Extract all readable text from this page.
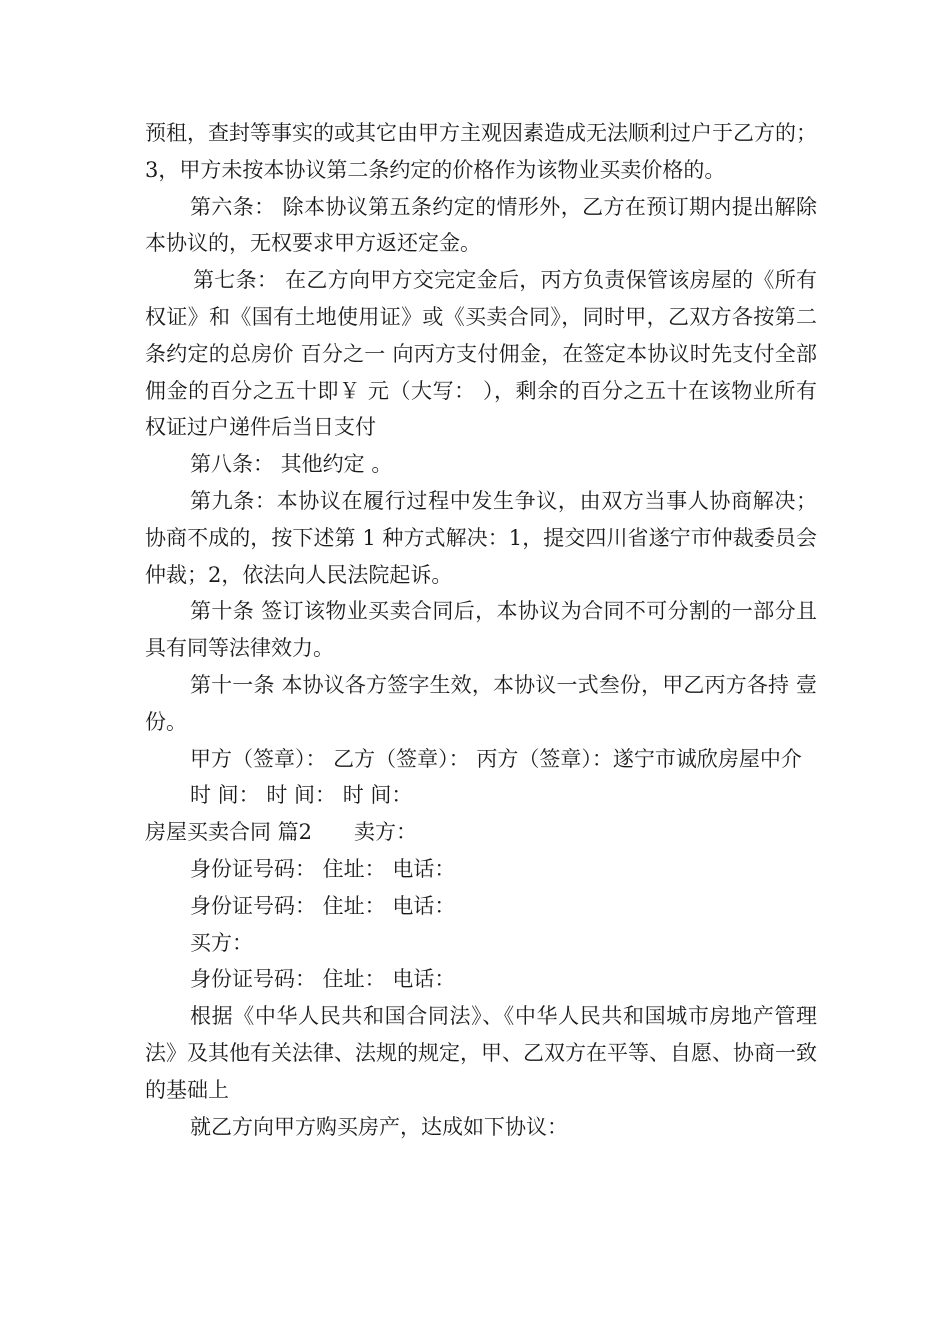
预租，查封等事实的或其它由甲方主观因素造成无法顺利过户于乙方的；3，甲方未按本协议第二条约定的价格作为该物业买卖价格的。

第六条： 除本协议第五条约定的情形外，乙方在预订期内提出解除本协议的，无权要求甲方返还定金。

第七条： 在乙方向甲方交完定金后，丙方负责保管该房屋的《所有权证》和《国有土地使用证》或《买卖合同》，同时甲，乙双方各按第二条约定的总房价 百分之一 向丙方支付佣金，在签定本协议时先支付全部佣金的百分之五十即￥ 元（大写： ），剩余的百分之五十在该物业所有权证过户递件后当日支付

第八条： 其他约定 。

第九条：本协议在履行过程中发生争议，由双方当事人协商解决；协商不成的，按下述第 1 种方式解决：1，提交四川省遂宁市仲裁委员会仲裁；2，依法向人民法院起诉。

第十条 签订该物业买卖合同后，本协议为合同不可分割的一部分且具有同等法律效力。

第十一条 本协议各方签字生效，本协议一式叁份，甲乙丙方各持 壹 份。

甲方（签章）： 乙方（签章）： 丙方（签章）：遂宁市诚欣房屋中介

时 间： 时 间： 时 间：

房屋买卖合同 篇2　　卖方：

身份证号码： 住址： 电话：

身份证号码： 住址： 电话：

买方：

身份证号码： 住址： 电话：

根据《中华人民共和国合同法》、《中华人民共和国城市房地产管理法》及其他有关法律、法规的规定，甲、乙双方在平等、自愿、协商一致的基础上

就乙方向甲方购买房产，达成如下协议：
